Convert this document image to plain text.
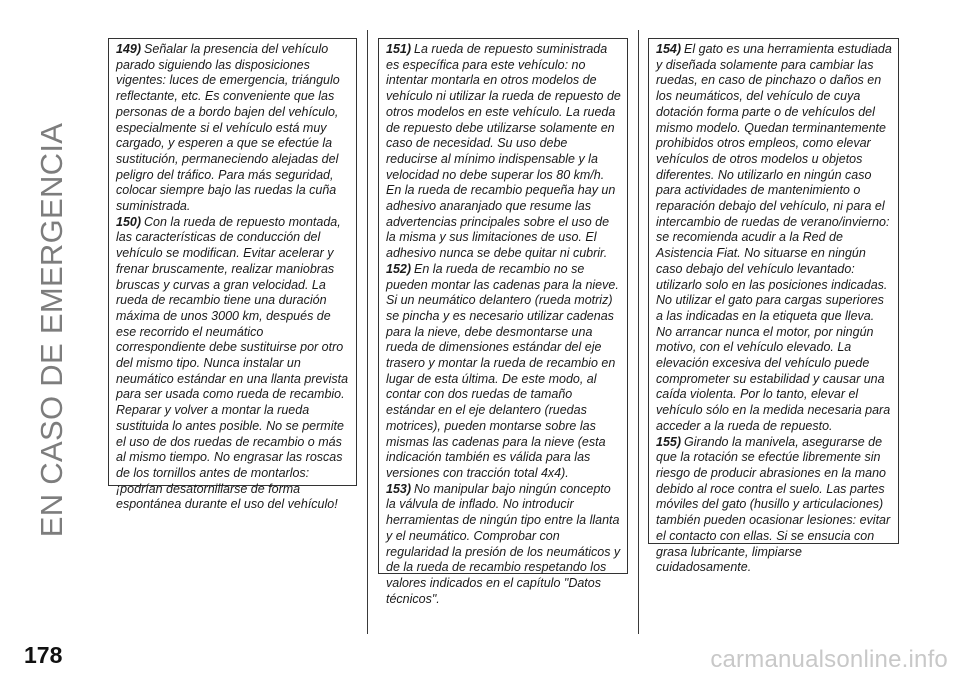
EN CASO DE EMERGENCIA

149) Señalar la presencia del vehículo parado siguiendo las disposiciones vigentes: luces de emergencia, triángulo reflectante, etc. Es conveniente que las personas de a bordo bajen del vehículo, especialmente si el vehículo está muy cargado, y esperen a que se efectúe la sustitución, permaneciendo alejadas del peligro del tráfico. Para más seguridad, colocar siempre bajo las ruedas la cuña suministrada.

150) Con la rueda de repuesto montada, las características de conducción del vehículo se modifican. Evitar acelerar y frenar bruscamente, realizar maniobras bruscas y curvas a gran velocidad. La rueda de recambio tiene una duración máxima de unos 3000 km, después de ese recorrido el neumático correspondiente debe sustituirse por otro del mismo tipo. Nunca instalar un neumático estándar en una llanta prevista para ser usada como rueda de recambio. Reparar y volver a montar la rueda sustituida lo antes posible. No se permite el uso de dos ruedas de recambio o más al mismo tiempo. No engrasar las roscas de los tornillos antes de montarlos: ¡podrían desatornillarse de forma espontánea durante el uso del vehículo!

151) La rueda de repuesto suministrada es específica para este vehículo: no intentar montarla en otros modelos de vehículo ni utilizar la rueda de repuesto de otros modelos en este vehículo. La rueda de repuesto debe utilizarse solamente en caso de necesidad. Su uso debe reducirse al mínimo indispensable y la velocidad no debe superar los 80 km/h. En la rueda de recambio pequeña hay un adhesivo anaranjado que resume las advertencias principales sobre el uso de la misma y sus limitaciones de uso. El adhesivo nunca se debe quitar ni cubrir.

152) En la rueda de recambio no se pueden montar las cadenas para la nieve. Si un neumático delantero (rueda motriz) se pincha y es necesario utilizar cadenas para la nieve, debe desmontarse una rueda de dimensiones estándar del eje trasero y montar la rueda de recambio en lugar de esta última. De este modo, al contar con dos ruedas de tamaño estándar en el eje delantero (ruedas motrices), pueden montarse sobre las mismas las cadenas para la nieve (esta indicación también es válida para las versiones con tracción total 4x4).

153) No manipular bajo ningún concepto la válvula de inflado. No introducir herramientas de ningún tipo entre la llanta y el neumático. Comprobar con regularidad la presión de los neumáticos y de la rueda de recambio respetando los valores indicados en el capítulo "Datos técnicos".

154) El gato es una herramienta estudiada y diseñada solamente para cambiar las ruedas, en caso de pinchazo o daños en los neumáticos, del vehículo de cuya dotación forma parte o de vehículos del mismo modelo. Quedan terminantemente prohibidos otros empleos, como elevar vehículos de otros modelos u objetos diferentes. No utilizarlo en ningún caso para actividades de mantenimiento o reparación debajo del vehículo, ni para el intercambio de ruedas de verano/invierno: se recomienda acudir a la Red de Asistencia Fiat. No situarse en ningún caso debajo del vehículo levantado: utilizarlo solo en las posiciones indicadas. No utilizar el gato para cargas superiores a las indicadas en la etiqueta que lleva. No arrancar nunca el motor, por ningún motivo, con el vehículo elevado. La elevación excesiva del vehículo puede comprometer su estabilidad y causar una caída violenta. Por lo tanto, elevar el vehículo sólo en la medida necesaria para acceder a la rueda de repuesto.

155) Girando la manivela, asegurarse de que la rotación se efectúe libremente sin riesgo de producir abrasiones en la mano debido al roce contra el suelo. Las partes móviles del gato (husillo y articulaciones) también pueden ocasionar lesiones: evitar el contacto con ellas. Si se ensucia con grasa lubricante, limpiarse cuidadosamente.

178	carmanualsonline.info
